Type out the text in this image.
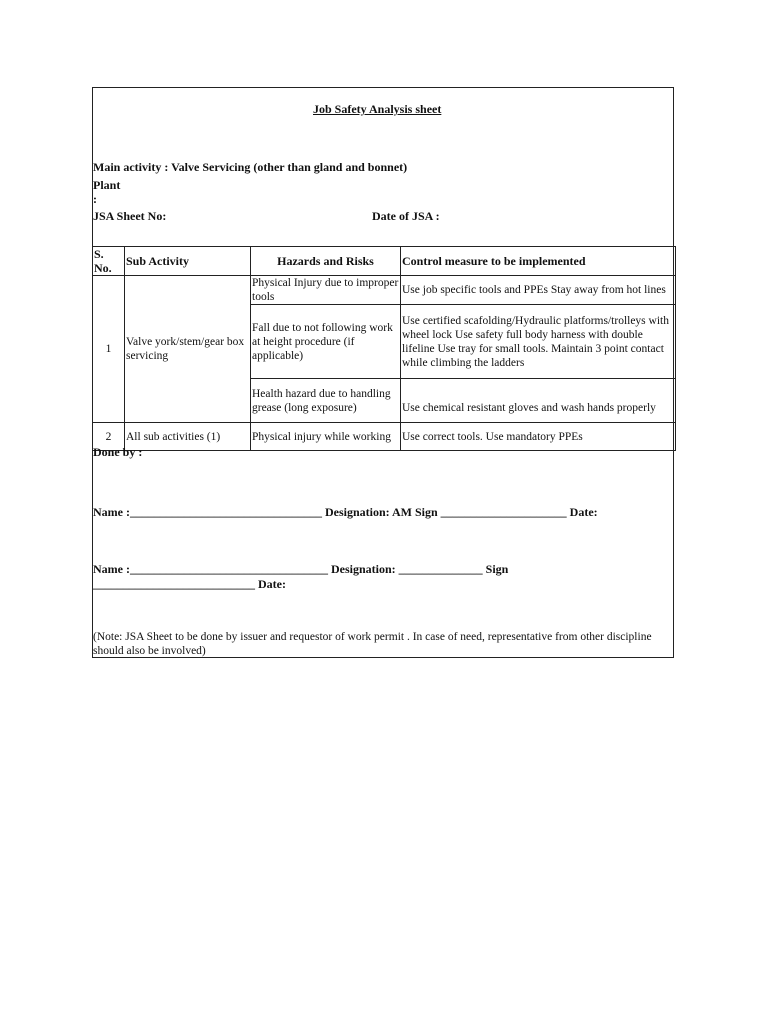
Job Safety Analysis sheet
Main activity : Valve Servicing (other than gland and bonnet)
Plant
:
JSA Sheet No:	Date of JSA :
S. No.	Sub Activity	Hazards and Risks	Control measure to be implemented
1	Valve york/stem/gear box servicing	Physical Injury due to improper tools	Use job specific tools and PPEs Stay away from hot lines
		Fall due to not following work at height procedure (if applicable)	Use certified scafolding/Hydraulic platforms/trolleys with wheel lock Use safety full body harness with double lifeline Use tray for small tools. Maintain 3 point contact while climbing the ladders
		Health hazard due to handling grease (long exposure)	Use chemical resistant gloves and wash hands properly
2	All sub activities (1)	Physical injury while working	Use correct tools. Use mandatory PPEs
Done by :
Name :________________________________ Designation: AM Sign _____________________ Date:
Name :_________________________________ Designation: ______________ Sign
___________________________ Date:
(Note: JSA Sheet to be done by issuer and requestor of work permit . In case of need, representative from other discipline should also be involved)
